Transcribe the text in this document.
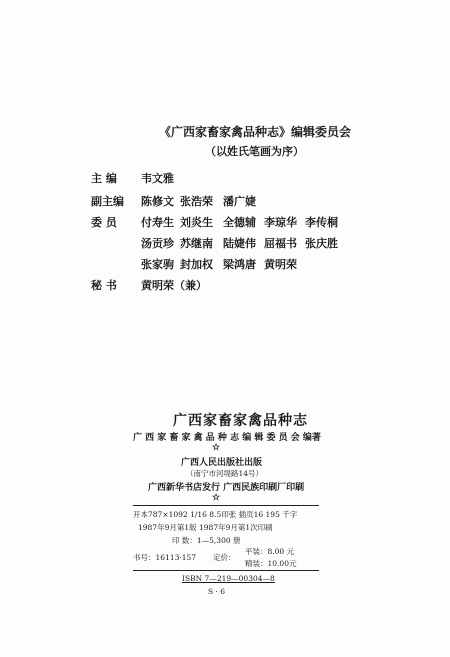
《广西家畜家禽品种志》编辑委员会
（以姓氏笔画为序）
主 编 韦文雅
副主编 陈修文 张浩荣 潘广婕
委 员 付寿生 刘炎生 全德辅 李琼华 李传桐
汤贡珍 苏继南 陆婕伟 屈福书 张庆胜
张家驹 封加权 梁鸿唐 黄明荣
秘 书 黄明荣（兼）
广西家畜家禽品种志
广 西 家 畜 家 禽 品 种 志 编 辑 委 员 会 编著
☆
广西人民出版社出版
（南宁市河堤路14号）
广西新华书店发行 广西民族印刷厂印刷
☆
开本787×1092 1/16 8.5印张 插页16 195 千字
1987年9月第1版 1987年9月第1次印刷
印 数：1—5,300 册
书号：16113·157 定价：
平装：8.00 元
精装：10.00元
ISBN 7—219—00304—8
S · 6
